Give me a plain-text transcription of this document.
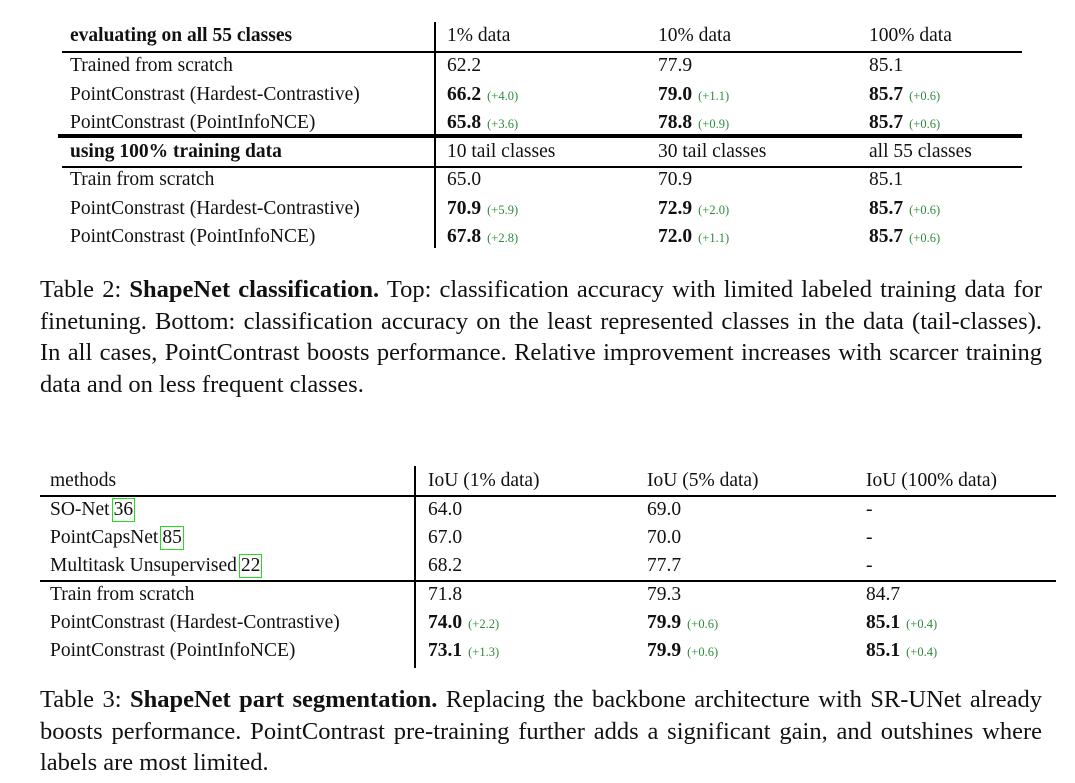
evaluating on all 55 classes	1% data	10% data	100% data
Trained from scratch	62.2	77.9	85.1
PointConstrast (Hardest-Contrastive)	66.2 (+4.0)	79.0 (+1.1)	85.7 (+0.6)
PointConstrast (PointInfoNCE)	65.8 (+3.6)	78.8 (+0.9)	85.7 (+0.6)
using 100% training data	10 tail classes	30 tail classes	all 55 classes
Train from scratch	65.0	70.9	85.1
PointConstrast (Hardest-Contrastive)	70.9 (+5.9)	72.9 (+2.0)	85.7 (+0.6)
PointConstrast (PointInfoNCE)	67.8 (+2.8)	72.0 (+1.1)	85.7 (+0.6)
methods	IoU (1% data)	IoU (5% data)	IoU (100% data)
SO-Net 36	64.0	69.0	-
PointCapsNet 85	67.0	70.0	-
Multitask Unsupervised 22	68.2	77.7	-
Train from scratch	71.8	79.3	84.7
PointConstrast (Hardest-Contrastive)	74.0 (+2.2)	79.9 (+0.6)	85.1 (+0.4)
PointConstrast (PointInfoNCE)	73.1 (+1.3)	79.9 (+0.6)	85.1 (+0.4)
Table 2: ShapeNet classification. Top: classification accuracy with limited labeled training data for finetuning. Bottom: classification accuracy on the least represented classes in the data (tail-classes). In all cases, PointContrast boosts performance. Relative improvement increases with scarcer training data and on less frequent classes.
Table 3: ShapeNet part segmentation. Replacing the backbone architecture with SR-UNet already boosts performance. PointContrast pre-training further adds a significant gain, and outshines where labels are most limited.
